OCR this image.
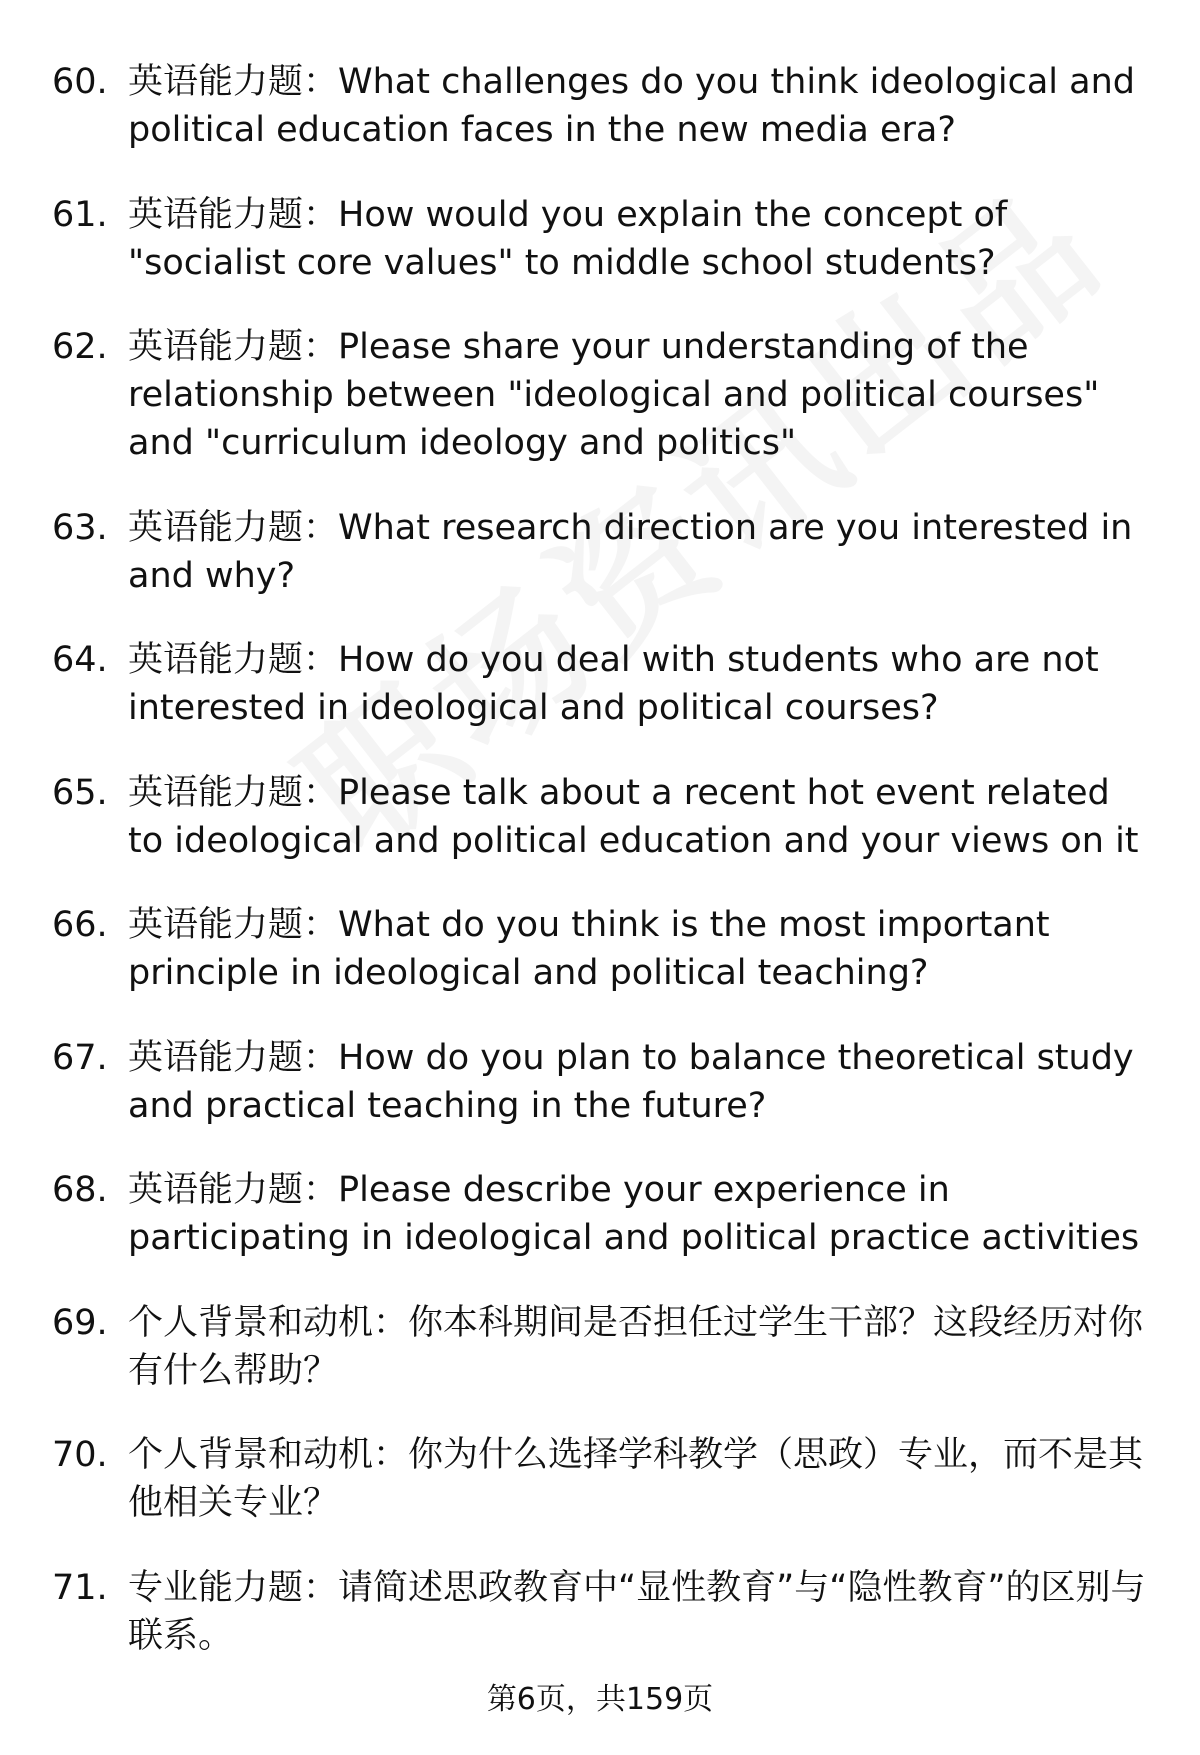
60. 英语能力题：What challenges do you think ideological and political education faces in the new media era?
61. 英语能力题：How would you explain the concept of "socialist core values" to middle school students?
62. 英语能力题：Please share your understanding of the relationship between "ideological and political courses" and "curriculum ideology and politics"
63. 英语能力题：What research direction are you interested in and why?
64. 英语能力题：How do you deal with students who are not interested in ideological and political courses?
65. 英语能力题：Please talk about a recent hot event related to ideological and political education and your views on it
66. 英语能力题：What do you think is the most important principle in ideological and political teaching?
67. 英语能力题：How do you plan to balance theoretical study and practical teaching in the future?
68. 英语能力题：Please describe your experience in participating in ideological and political practice activities
69. 个人背景和动机：你本科期间是否担任过学生干部？这段经历对你有什么帮助？
70. 个人背景和动机：你为什么选择学科教学（思政）专业，而不是其他相关专业？
71. 专业能力题：请简述思政教育中“显性教育”与“隐性教育”的区别与联系。
第6页，共159页
